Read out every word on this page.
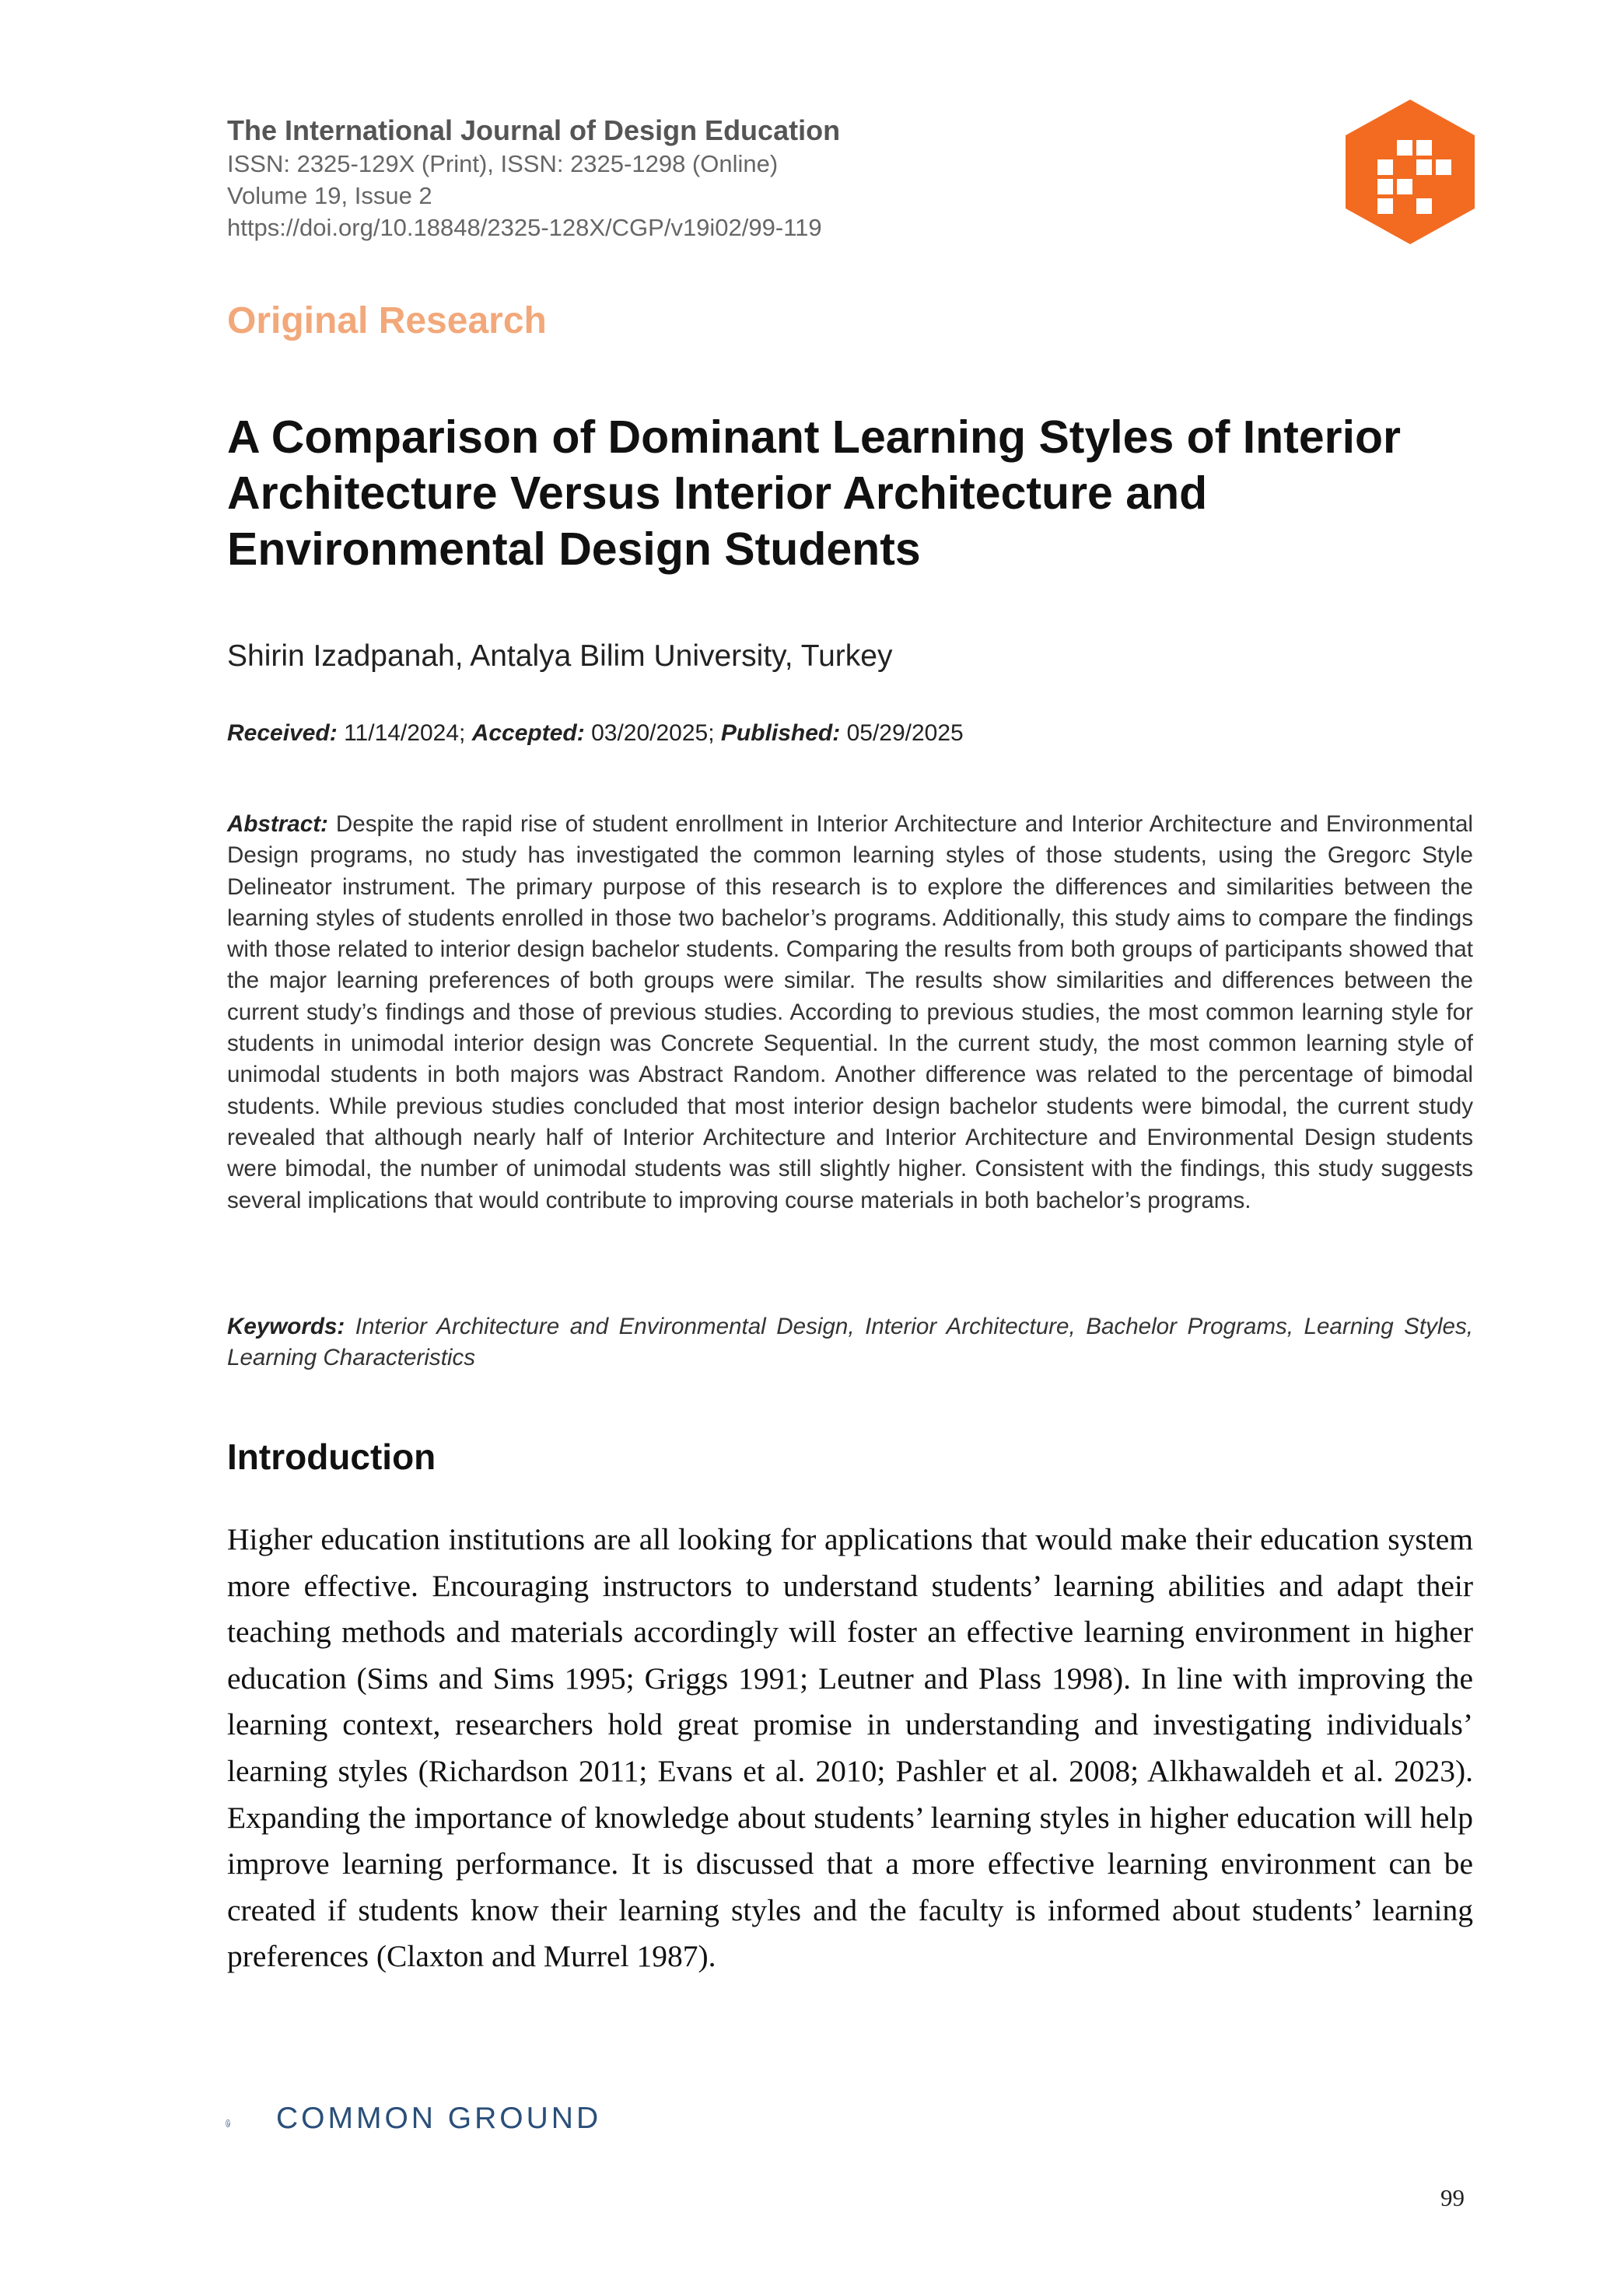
The International Journal of Design Education
ISSN: 2325-129X (Print), ISSN: 2325-1298 (Online)
Volume 19, Issue 2
https://doi.org/10.18848/2325-128X/CGP/v19i02/99-119
Original Research
A Comparison of Dominant Learning Styles of Interior Architecture Versus Interior Architecture and Environmental Design Students
Shirin Izadpanah, Antalya Bilim University, Turkey
Received: 11/14/2024; Accepted: 03/20/2025; Published: 05/29/2025
Abstract: Despite the rapid rise of student enrollment in Interior Architecture and Interior Architecture and Environmental Design programs, no study has investigated the common learning styles of those students, using the Gregorc Style Delineator instrument. The primary purpose of this research is to explore the differences and similarities between the learning styles of students enrolled in those two bachelor’s programs. Additionally, this study aims to compare the findings with those related to interior design bachelor students. Comparing the results from both groups of participants showed that the major learning preferences of both groups were similar. The results show similarities and differences between the current study’s findings and those of previous studies. According to previous studies, the most common learning style for students in unimodal interior design was Concrete Sequential. In the current study, the most common learning style of unimodal students in both majors was Abstract Random. Another difference was related to the percentage of bimodal students. While previous studies concluded that most interior design bachelor students were bimodal, the current study revealed that although nearly half of Interior Architecture and Interior Architecture and Environmental Design students were bimodal, the number of unimodal students was still slightly higher. Consistent with the findings, this study suggests several implications that would contribute to improving course materials in both bachelor’s programs.
Keywords: Interior Architecture and Environmental Design, Interior Architecture, Bachelor Programs, Learning Styles, Learning Characteristics
Introduction
Higher education institutions are all looking for applications that would make their education system more effective. Encouraging instructors to understand students’ learning abilities and adapt their teaching methods and materials accordingly will foster an effective learning environment in higher education (Sims and Sims 1995; Griggs 1991; Leutner and Plass 1998). In line with improving the learning context, researchers hold great promise in understanding and investigating individuals’ learning styles (Richardson 2011; Evans et al. 2010; Pashler et al. 2008; Alkhawaldeh et al. 2023). Expanding the importance of knowledge about students’ learning styles in higher education will help improve learning performance. It is discussed that a more effective learning environment can be created if students know their learning styles and the faculty is informed about students’ learning preferences (Claxton and Murrel 1987).
COMMON GROUND
99
